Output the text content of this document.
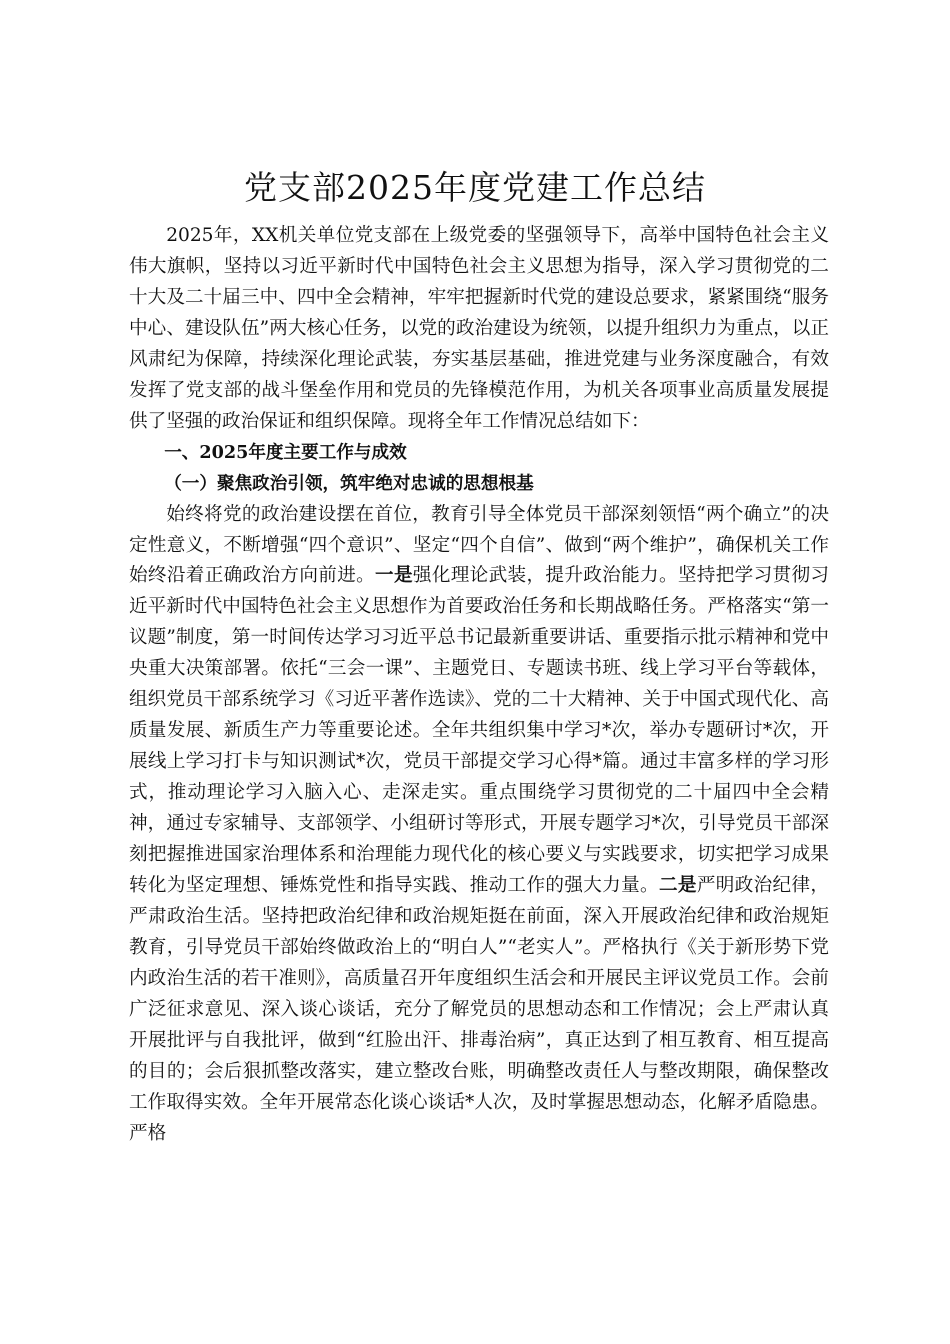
党支部2025年度党建工作总结

2025年，XX机关单位党支部在上级党委的坚强领导下，高举中国特色社会主义伟大旗帜，坚持以习近平新时代中国特色社会主义思想为指导，深入学习贯彻党的二十大及二十届三中、四中全会精神，牢牢把握新时代党的建设总要求，紧紧围绕“服务中心、建设队伍”两大核心任务，以党的政治建设为统领，以提升组织力为重点，以正风肃纪为保障，持续深化理论武装，夯实基层基础，推进党建与业务深度融合，有效发挥了党支部的战斗堡垒作用和党员的先锋模范作用，为机关各项事业高质量发展提供了坚强的政治保证和组织保障。现将全年工作情况总结如下：

一、2025年度主要工作与成效

（一）聚焦政治引领，筑牢绝对忠诚的思想根基

始终将党的政治建设摆在首位，教育引导全体党员干部深刻领悟“两个确立”的决定性意义，不断增强“四个意识”、坚定“四个自信”、做到“两个维护”，确保机关工作始终沿着正确政治方向前进。一是强化理论武装，提升政治能力。坚持把学习贯彻习近平新时代中国特色社会主义思想作为首要政治任务和长期战略任务。严格落实“第一议题”制度，第一时间传达学习习近平总书记最新重要讲话、重要指示批示精神和党中央重大决策部署。依托“三会一课”、主题党日、专题读书班、线上学习平台等载体，组织党员干部系统学习《习近平著作选读》、党的二十大精神、关于中国式现代化、高质量发展、新质生产力等重要论述。全年共组织集中学习*次，举办专题研讨*次，开展线上学习打卡与知识测试*次，党员干部提交学习心得*篇。通过丰富多样的学习形式，推动理论学习入脑入心、走深走实。重点围绕学习贯彻党的二十届四中全会精神，通过专家辅导、支部领学、小组研讨等形式，开展专题学习*次，引导党员干部深刻把握推进国家治理体系和治理能力现代化的核心要义与实践要求，切实把学习成果转化为坚定理想、锤炼党性和指导实践、推动工作的强大力量。二是严明政治纪律，严肃政治生活。坚持把政治纪律和政治规矩挺在前面，深入开展政治纪律和政治规矩教育，引导党员干部始终做政治上的“明白人”“老实人”。严格执行《关于新形势下党内政治生活的若干准则》，高质量召开年度组织生活会和开展民主评议党员工作。会前广泛征求意见、深入谈心谈话，充分了解党员的思想动态和工作情况；会上严肃认真开展批评与自我批评，做到“红脸出汗、排毒治病”，真正达到了相互教育、相互提高的目的；会后狠抓整改落实，建立整改台账，明确整改责任人与整改期限，确保整改工作取得实效。全年开展常态化谈心谈话*人次，及时掌握思想动态，化解矛盾隐患。严格
